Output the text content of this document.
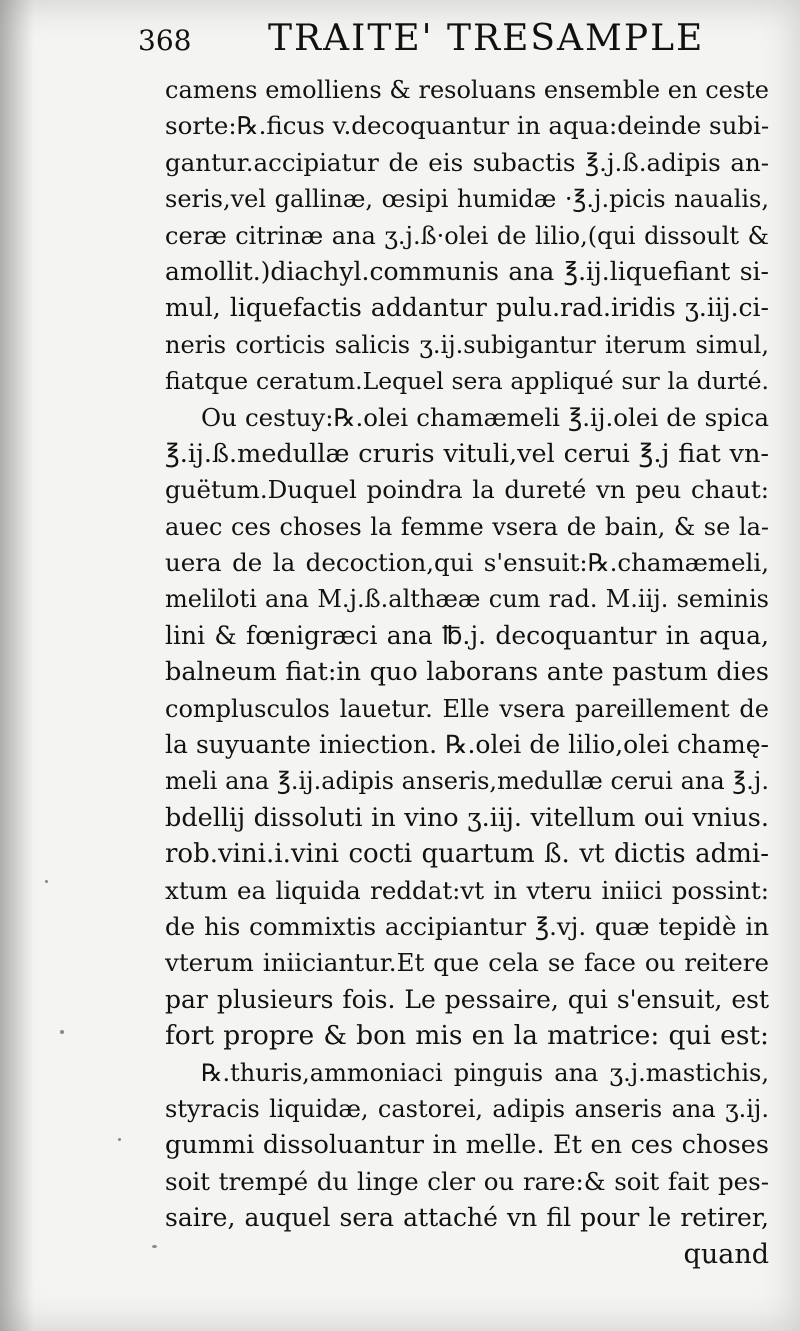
368 TRAITE' TRESAMPLE
camens emolliens & resoluans ensemble en ceste
sorte:℞.ficus v.decoquantur in aqua:deinde subi-
gantur.accipiatur de eis subactis ℥.j.ß.adipis an-
seris,vel gallinæ, œsipi humidæ ·℥.j.picis naualis,
ceræ citrinæ ana ʒ.j.ß·olei de lilio,(qui dissoult &
amollit.)diachyl.communis ana ℥.ij.liquefiant si-
mul, liquefactis addantur pulu.rad.iridis ʒ.iij.ci-
neris corticis salicis ʒ.ij.subigantur iterum simul,
fiatque ceratum.Lequel sera appliqué sur la durté.
Ou cestuy:℞.olei chamæmeli ℥.ij.olei de spica
℥.ij.ß.medullæ cruris vituli,vel cerui ℥.j fiat vn-
guëtum.Duquel poindra la dureté vn peu chaut:
auec ces choses la femme vsera de bain, & se la-
uera de la decoction,qui s'ensuit:℞.chamæmeli,
meliloti ana M.j.ß.althææ cum rad. M.iij. seminis
lini & fœnigræci ana ℔.j. decoquantur in aqua,
balneum fiat:in quo laborans ante pastum dies
complusculos lauetur. Elle vsera pareillement de
la suyuante iniection. ℞.olei de lilio,olei chamę-
meli ana ℥.ij.adipis anseris,medullæ cerui ana ℥.j.
bdellij dissoluti in vino ʒ.iij. vitellum oui vnius.
rob.vini.i.vini cocti quartum ß. vt dictis admi-
xtum ea liquida reddat:vt in vteru iniici possint:
de his commixtis accipiantur ℥.vj. quæ tepidè in
vterum iniiciantur.Et que cela se face ou reitere
par plusieurs fois. Le pessaire, qui s'ensuit, est
fort propre & bon mis en la matrice: qui est:
℞.thuris,ammoniaci pinguis ana ʒ.j.mastichis,
styracis liquidæ, castorei, adipis anseris ana ʒ.ij.
gummi dissoluantur in melle. Et en ces choses
soit trempé du linge cler ou rare:& soit fait pes-
saire, auquel sera attaché vn fil pour le retirer,
quand
